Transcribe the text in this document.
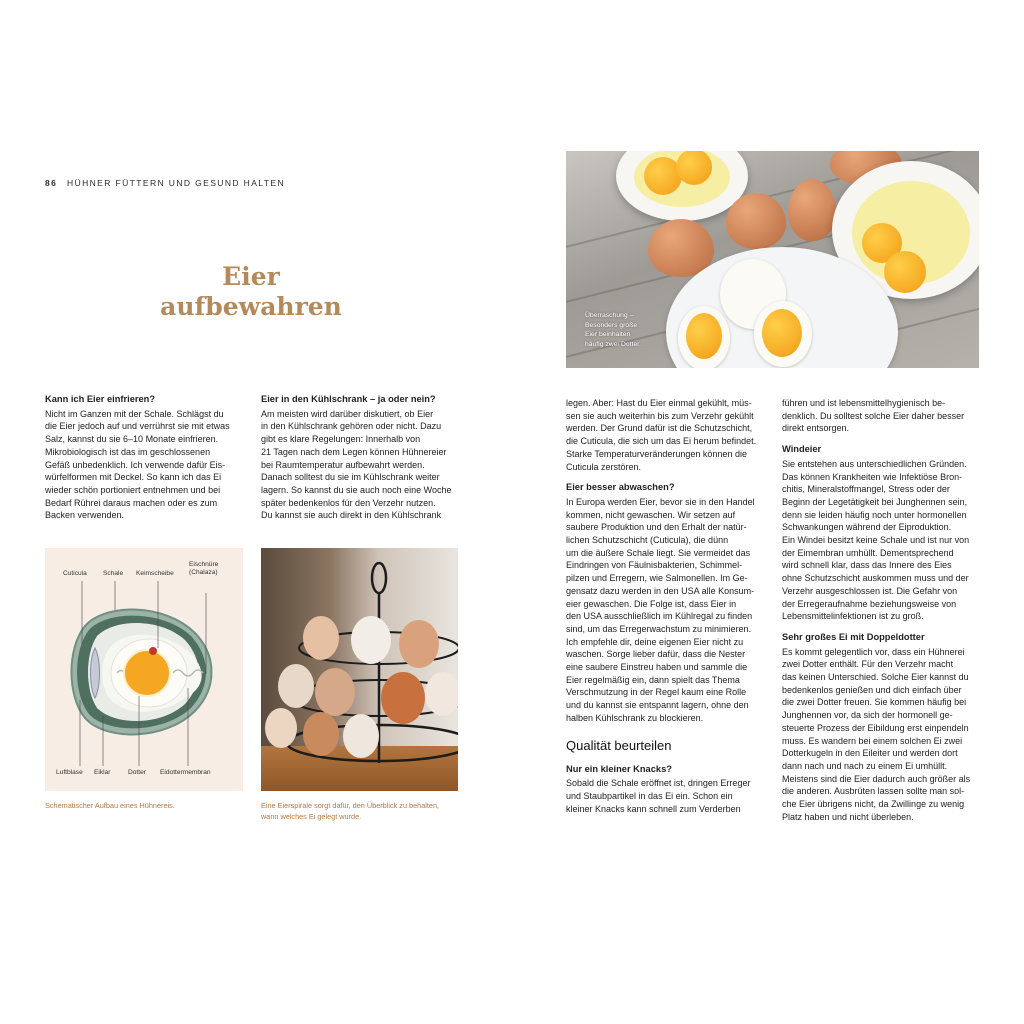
86 HÜHNER FÜTTERN UND GESUND HALTEN
Eier
aufbewahren
Kann ich Eier einfrieren?

Nicht im Ganzen mit der Schale. Schlägst du
die Eier jedoch auf und verrührst sie mit etwas
Salz, kannst du sie 6–10 Monate einfrieren.
Mikrobiologisch ist das im geschlossenen
Gefäß unbedenklich. Ich verwende dafür Eis-
würfelformen mit Deckel. So kann ich das Ei
wieder schön portioniert entnehmen und bei
Bedarf Rührei daraus machen oder es zum
Backen verwenden.

Eier in den Kühlschrank – ja oder nein?

Am meisten wird darüber diskutiert, ob Eier
in den Kühlschrank gehören oder nicht. Dazu
gibt es klare Regelungen: Innerhalb von
21 Tagen nach dem Legen können Hühnereier
bei Raumtemperatur aufbewahrt werden.
Danach solltest du sie im Kühlschrank weiter
lagern. So kannst du sie auch noch eine Woche
später bedenkenlos für den Verzehr nutzen.
Du kannst sie auch direkt in den Kühlschrank

Cuticula Schale Keimscheibe
Eischnüre
(Chalaza)
Luftblase Eiklar	Dotter Eidottermembran
Schematischer Aufbau eines Hühnereis.	Eine Eierspirale sorgt dafür, den Überblick zu behalten,
wann welches Ei gelegt wurde.
Überraschung –
Besonders große
Eier beinhalten
häufig zwei Dotter.

legen. Aber: Hast du Eier einmal gekühlt, müs-
sen sie auch weiterhin bis zum Verzehr gekühlt
werden. Der Grund dafür ist die Schutzschicht,
die Cuticula, die sich um das Ei herum befindet.
Starke Temperaturveränderungen können die
Cuticula zerstören.

Eier besser abwaschen?

In Europa werden Eier, bevor sie in den Handel
kommen, nicht gewaschen. Wir setzen auf
saubere Produktion und den Erhalt der natür-
lichen Schutzschicht (Cuticula), die dünn
um die äußere Schale liegt. Sie vermeidet das
Eindringen von Fäulnisbakterien, Schimmel-
pilzen und Erregern, wie Salmonellen. Im Ge-
gensatz dazu werden in den USA alle Konsum-
eier gewaschen. Die Folge ist, dass Eier in
den USA ausschließlich im Kühlregal zu finden
sind, um das Erregerwachstum zu minimieren.
Ich empfehle dir, deine eigenen Eier nicht zu
waschen. Sorge lieber dafür, dass die Nester
eine saubere Einstreu haben und sammle die
Eier regelmäßig ein, dann spielt das Thema
Verschmutzung in der Regel kaum eine Rolle
und du kannst sie entspannt lagern, ohne den
halben Kühlschrank zu blockieren.

Qualität beurteilen
Nur ein kleiner Knacks?

Sobald die Schale eröffnet ist, dringen Erreger
und Staubpartikel in das Ei ein. Schon ein
kleiner Knacks kann schnell zum Verderben

führen und ist lebensmittelhygienisch be-
denklich. Du solltest solche Eier daher besser
direkt entsorgen.

Windeier

Sie entstehen aus unterschiedlichen Gründen.
Das können Krankheiten wie Infektiöse Bron-
chitis, Mineralstoffmangel, Stress oder der
Beginn der Legetätigkeit bei Junghennen sein,
denn sie leiden häufig noch unter hormonellen
Schwankungen während der Eiproduktion.
Ein Windei besitzt keine Schale und ist nur von
der Eimembran umhüllt. Dementsprechend
wird schnell klar, dass das Innere des Eies
ohne Schutzschicht auskommen muss und der
Verzehr ausgeschlossen ist. Die Gefahr von
der Erregeraufnahme beziehungsweise von
Lebensmittelinfektionen ist zu groß.

Sehr großes Ei mit Doppeldotter

Es kommt gelegentlich vor, dass ein Hühnerei
zwei Dotter enthält. Für den Verzehr macht
das keinen Unterschied. Solche Eier kannst du
bedenkenlos genießen und dich einfach über
die zwei Dotter freuen. Sie kommen häufig bei
Junghennen vor, da sich der hormonell ge-
steuerte Prozess der Eibildung erst einpendeln
muss. Es wandern bei einem solchen Ei zwei
Dotterkugeln in den Eileiter und werden dort
dann nach und nach zu einem Ei umhüllt.
Meistens sind die Eier dadurch auch größer als
die anderen. Ausbrüten lassen sollte man sol-
che Eier übrigens nicht, da Zwillinge zu wenig
Platz haben und nicht überleben.
